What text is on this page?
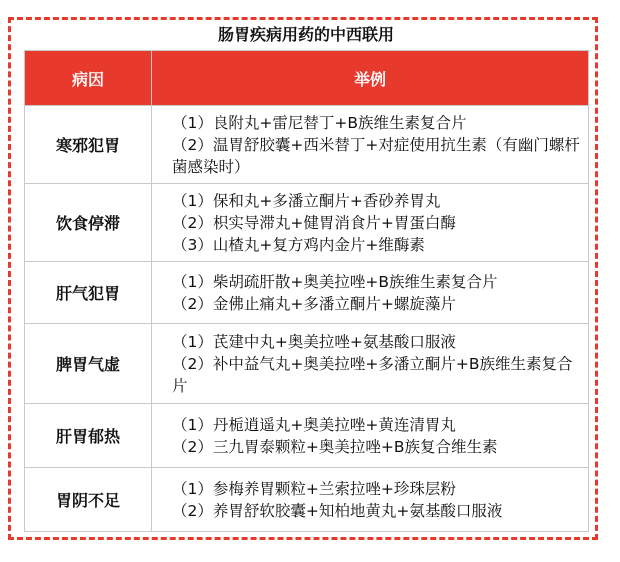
肠胃疾病用药的中西联用
病因	举例
寒邪犯胃	（1）良附丸+雷尼替丁+B族维生素复合片
（2）温胃舒胶囊+西米替丁+对症使用抗生素（有幽门螺杆菌感染时）

饮食停滞	（1）保和丸+多潘立酮片+香砂养胃丸
（2）枳实导滞丸+健胃消食片+胃蛋白酶
（3）山楂丸+复方鸡内金片+维酶素

肝气犯胃	（1）柴胡疏肝散+奥美拉唑+B族维生素复合片
（2）金佛止痛丸+多潘立酮片+螺旋藻片

脾胃气虚	（1）芪建中丸+奥美拉唑+氨基酸口服液
（2）补中益气丸+奥美拉唑+多潘立酮片+B族维生素复合片

肝胃郁热	（1）丹栀逍遥丸+奥美拉唑+黄连清胃丸
（2）三九胃泰颗粒+奥美拉唑+B族复合维生素

胃阴不足	（1）参梅养胃颗粒+兰索拉唑+珍珠层粉
（2）养胃舒软胶囊+知柏地黄丸+氨基酸口服液
